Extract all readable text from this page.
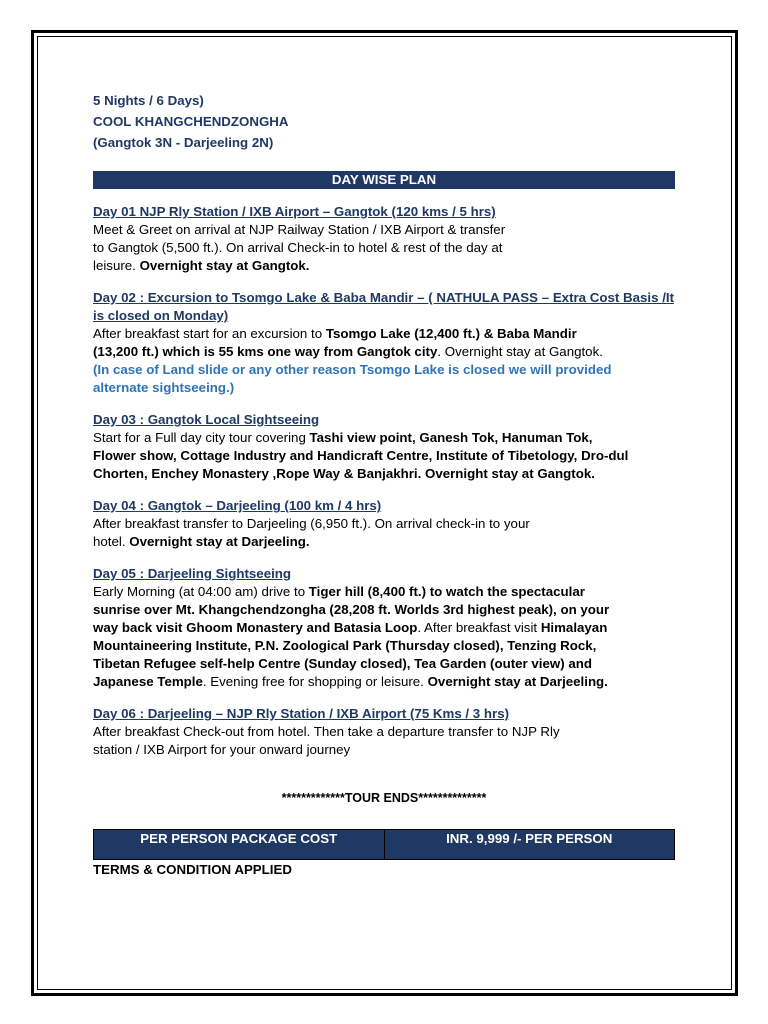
5 Nights / 6 Days)
COOL KHANGCHENDZONGHA
(Gangtok 3N - Darjeeling 2N)
DAY WISE PLAN
Day 01 NJP Rly Station / IXB Airport – Gangtok (120 kms / 5 hrs)
Meet & Greet on arrival at NJP Railway Station / IXB Airport & transfer
to Gangtok (5,500 ft.). On arrival Check-in to hotel & rest of the day at
leisure. Overnight stay at Gangtok.
Day 02 : Excursion to Tsomgo Lake & Baba Mandir – ( NATHULA PASS – Extra Cost Basis /It
is closed on Monday)
After breakfast start for an excursion to Tsomgo Lake (12,400 ft.) & Baba Mandir
(13,200 ft.) which is 55 kms one way from Gangtok city. Overnight stay at Gangtok.
(In case of Land slide or any other reason Tsomgo Lake is closed we will provided
alternate sightseeing.)
Day 03 : Gangtok Local Sightseeing
Start for a Full day city tour covering Tashi view point, Ganesh Tok, Hanuman Tok,
Flower show, Cottage Industry and Handicraft Centre, Institute of Tibetology, Dro-dul
Chorten, Enchey Monastery ,Rope Way & Banjakhri. Overnight stay at Gangtok.
Day 04 : Gangtok – Darjeeling (100 km / 4 hrs)
After breakfast transfer to Darjeeling (6,950 ft.). On arrival check-in to your
hotel. Overnight stay at Darjeeling.
Day 05 : Darjeeling Sightseeing
Early Morning (at 04:00 am) drive to Tiger hill (8,400 ft.) to watch the spectacular
sunrise over Mt. Khangchendzongha (28,208 ft. Worlds 3rd highest peak), on your
way back visit Ghoom Monastery and Batasia Loop. After breakfast visit Himalayan
Mountaineering Institute, P.N. Zoological Park (Thursday closed), Tenzing Rock,
Tibetan Refugee self-help Centre (Sunday closed), Tea Garden (outer view) and
Japanese Temple. Evening free for shopping or leisure. Overnight stay at Darjeeling.
Day 06 : Darjeeling – NJP Rly Station / IXB Airport (75 Kms / 3 hrs)
After breakfast Check-out from hotel. Then take a departure transfer to NJP Rly
station / IXB Airport for your onward journey
*************TOUR ENDS**************
PER PERSON PACKAGE COST	INR. 9,999 /- PER PERSON
TERMS & CONDITION APPLIED
